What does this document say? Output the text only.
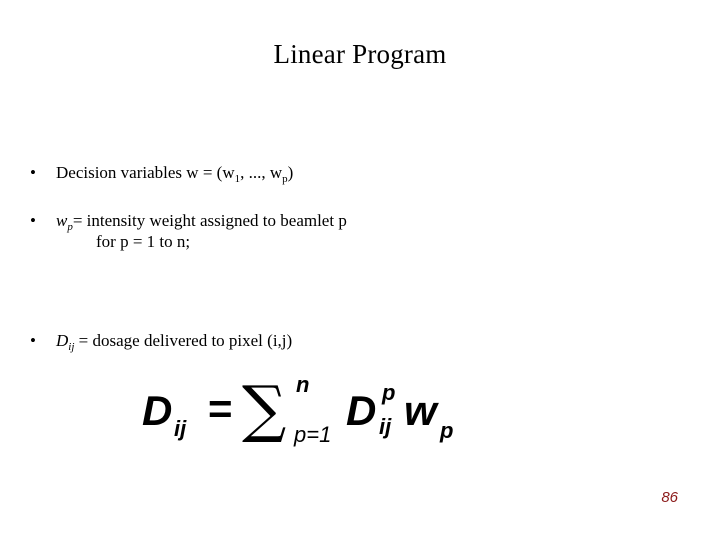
Linear Program
• Decision variables $w = (w_1$, ..., $w_p$)
• $w_p=$ intensity weight assigned to beamlet p
for p = 1 to n;
• $D_{ij}$ = dosage delivered to pixel (i,j)
D ij = ∑ n
p=1
D p
ij w p
86
